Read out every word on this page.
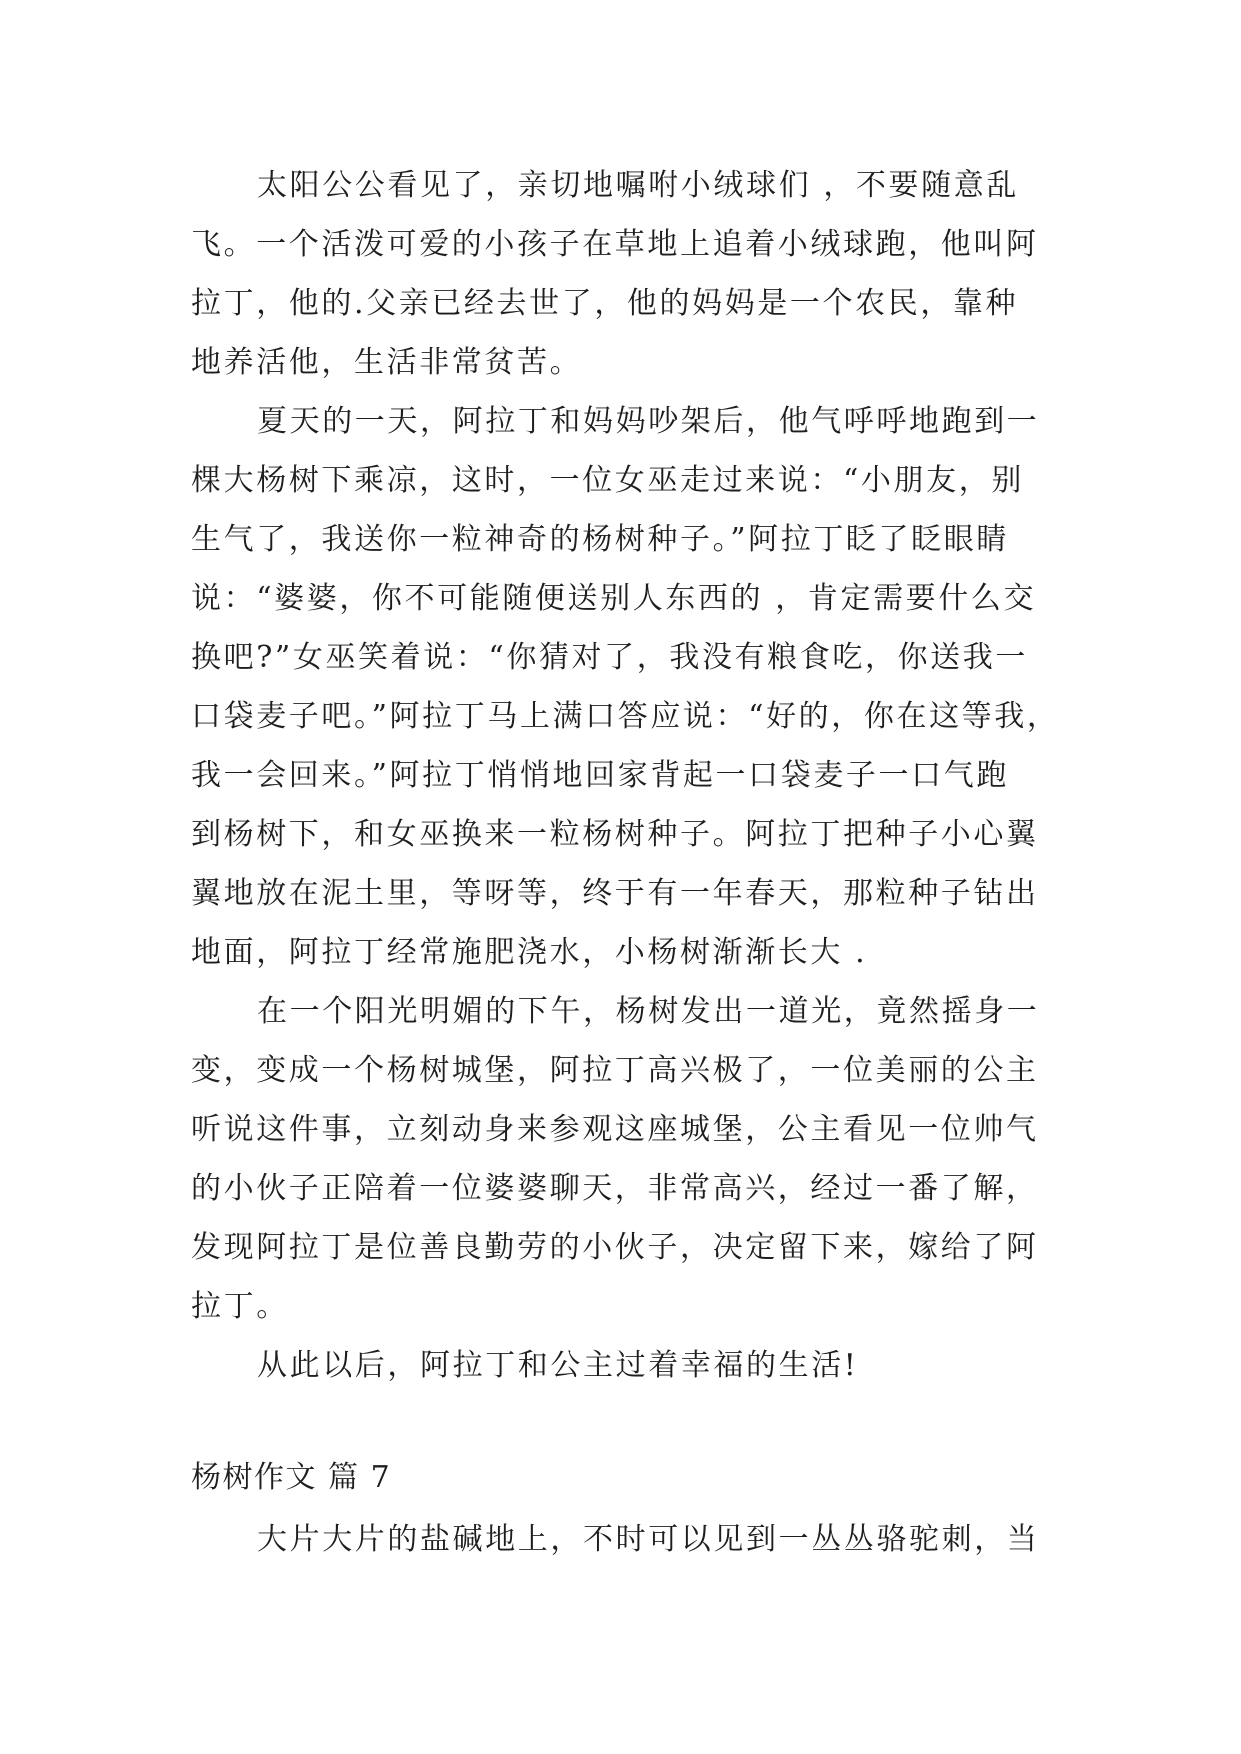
太阳公公看见了，亲切地嘱咐小绒球们 ，不要随意乱

飞。一个活泼可爱的小孩子在草地上追着小绒球跑，他叫阿

拉丁，他的.父亲已经去世了，他的妈妈是一个农民，靠种

地养活他，生活非常贫苦。

夏天的一天，阿拉丁和妈妈吵架后，他气呼呼地跑到一

棵大杨树下乘凉，这时，一位女巫走过来说：“小朋友，别

生气了，我送你一粒神奇的杨树种子。”阿拉丁眨了眨眼睛

说：“婆婆，你不可能随便送别人东西的 ，肯定需要什么交

换吧?”女巫笑着说：“你猜对了，我没有粮食吃，你送我一

口袋麦子吧。”阿拉丁马上满口答应说：“好的，你在这等我，

我一会回来。”阿拉丁悄悄地回家背起一口袋麦子一口气跑

到杨树下，和女巫换来一粒杨树种子。阿拉丁把种子小心翼

翼地放在泥土里，等呀等，终于有一年春天，那粒种子钻出

地面，阿拉丁经常施肥浇水，小杨树渐渐长大 .

在一个阳光明媚的下午，杨树发出一道光，竟然摇身一

变，变成一个杨树城堡，阿拉丁高兴极了，一位美丽的公主

听说这件事，立刻动身来参观这座城堡，公主看见一位帅气

的小伙子正陪着一位婆婆聊天，非常高兴，经过一番了解，

发现阿拉丁是位善良勤劳的小伙子，决定留下来，嫁给了阿

拉丁。

从此以后，阿拉丁和公主过着幸福的生活!

杨树作文 篇 7

大片大片的盐碱地上，不时可以见到一丛丛骆驼刺，当
